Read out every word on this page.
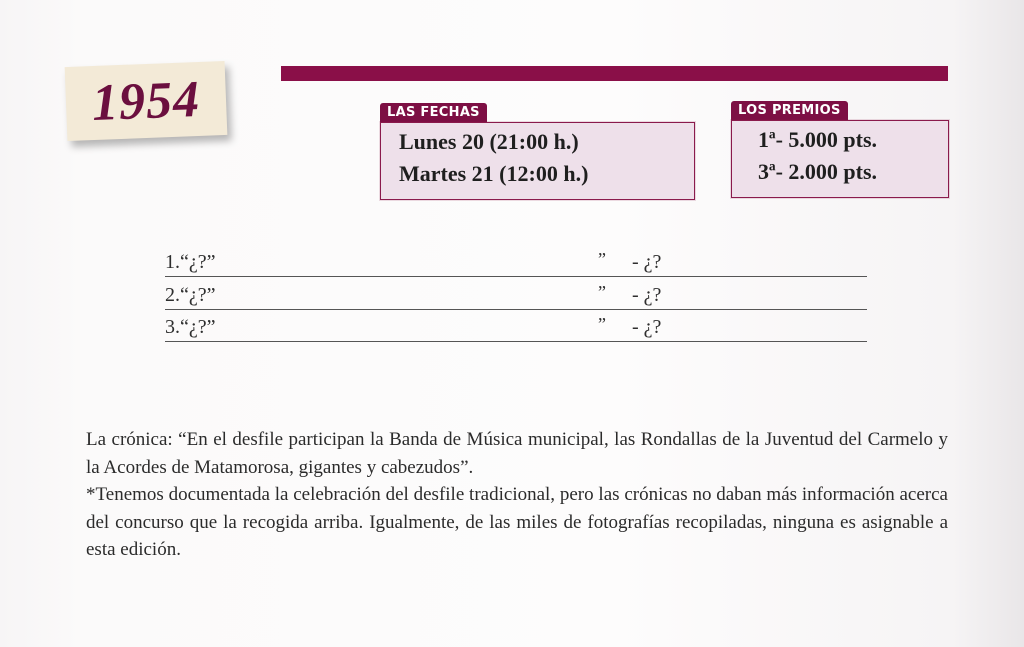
1954	LAS FECHAS
Lunes 20 (21:00 h.)
Martes 21 (12:00 h.)
LOS PREMIOS
1ª- 5.000 pts.
3ª- 2.000 pts.
1.“¿?”	” - ¿?
2.“¿?”	” - ¿?
3.“¿?”	” - ¿?

La crónica: “En el desfile participan la Banda de Música municipal, las Rondallas de la Juventud del Carmelo y la Acordes de Matamorosa, gigantes y cabezudos”.

*Tenemos documentada la celebración del desfile tradicional, pero las crónicas no daban más información acerca del concurso que la recogida arriba. Igualmente, de las miles de fotografías recopiladas, ninguna es asignable a esta edición.
